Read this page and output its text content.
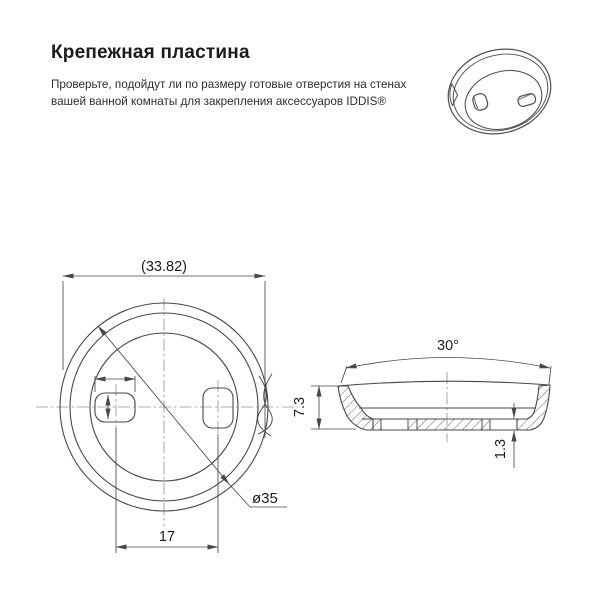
Крепежная пластина

Проверьте, подойдут ли по размеру готовые отверстия на стенах
вашей ванной комнаты для закрепления аксессуаров IDDIS®

(33.82)
17
ø35
30°
7.3
1.3
